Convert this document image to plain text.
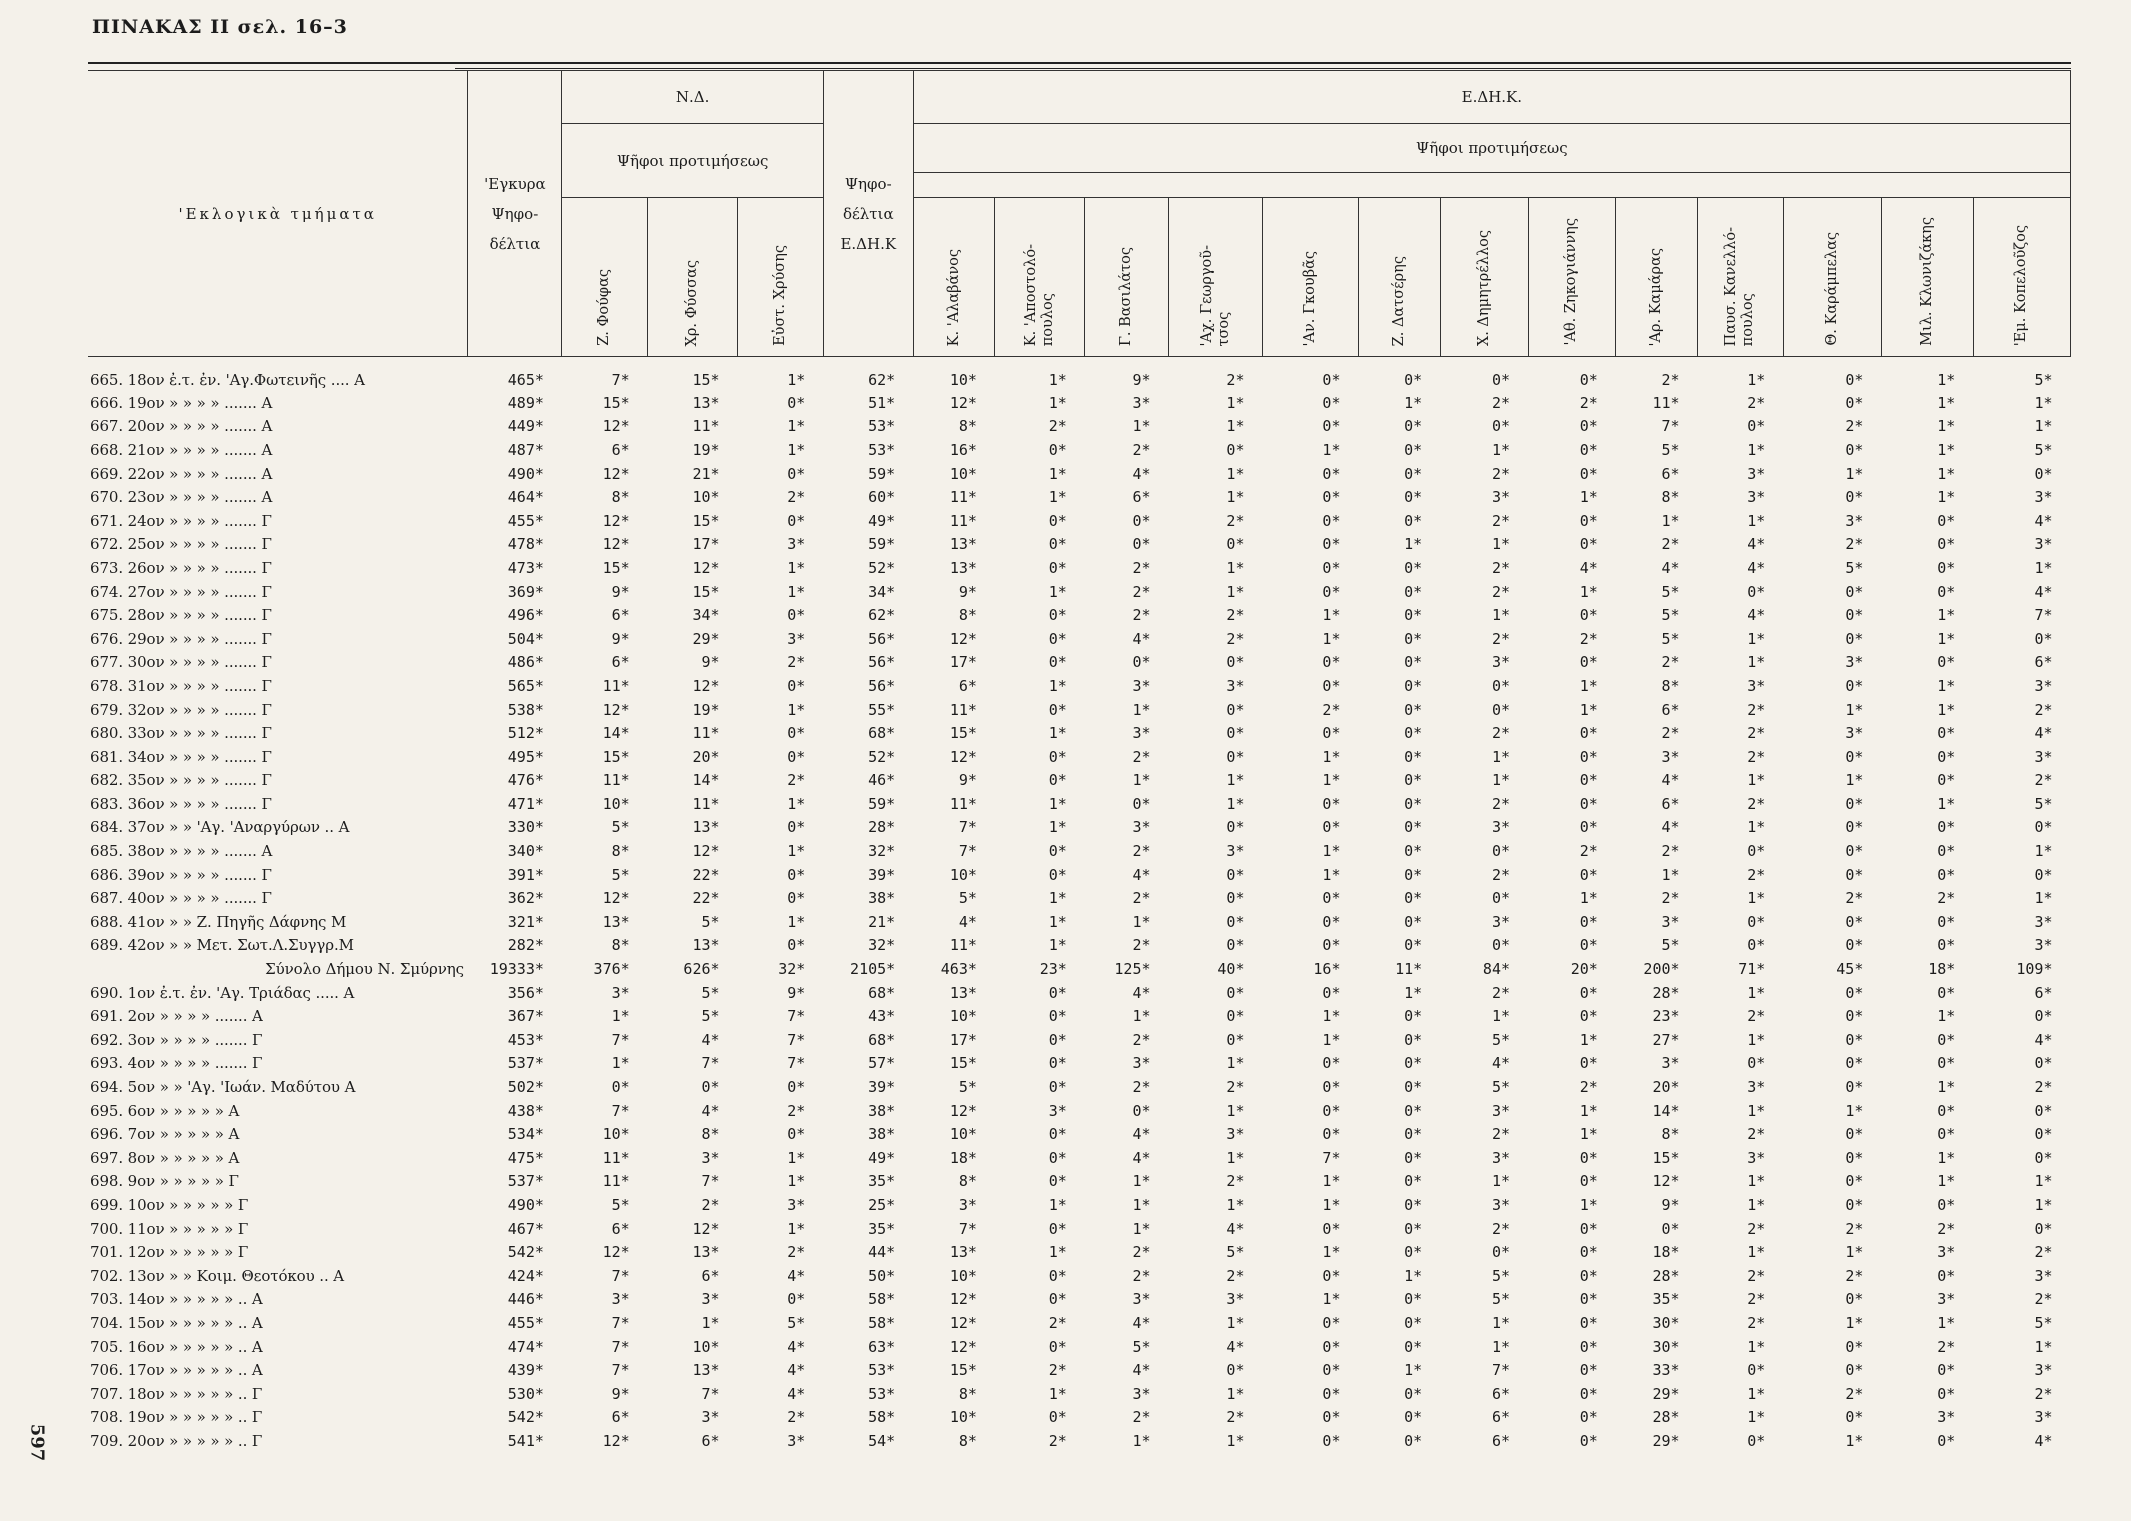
ΠΙΝΑΚΑΣ ΙΙ σελ. 16–3
597
'Εκλογικὰ τμήματα	'Εγκυρα
Ψηφο-
δέλτια	Ν.Δ.			Ψηφο-
δέλτια
Ε.ΔΗ.Κ	Ε.ΔΗ.Κ.												
		Ψῆφοι προτιμήσεως				Ψῆφοι προτιμήσεως												

		Ζ. Φούφας	Χρ. Φύσσας	Εὐστ. Χρύσης		Κ. 'Αλαβάνος	Κ. 'Αποστολό-
πουλος	Γ. Βασιλάτος	'Αχ. Γεωργοῦ-
τσος	'Αν. Γκουβᾶς	Ζ. Δατσέρης	Χ. Δημητρέλλος	'Αθ. Ζηκογιάννης	'Αρ. Καμάρας	Παυσ. Κανελλό-
πουλος	Θ. Καράμπελας	Μιλ. Κλωνιζάκης	'Εμ. Κοπελοῦζος
665. 18ον ἐ.τ. ἐν. 'Αγ.Φωτεινῆς .... Α	465*	7*	15*	1*	62*	10*	1*	9*	2*	0*	0*	0*	0*	2*	1*	0*	1*	5*
666. 19ον » » » » ....... Α	489*	15*	13*	0*	51*	12*	1*	3*	1*	0*	1*	2*	2*	11*	2*	0*	1*	1*
667. 20ον » » » » ....... Α	449*	12*	11*	1*	53*	8*	2*	1*	1*	0*	0*	0*	0*	7*	0*	2*	1*	1*
668. 21ον » » » » ....... Α	487*	6*	19*	1*	53*	16*	0*	2*	0*	1*	0*	1*	0*	5*	1*	0*	1*	5*
669. 22ον » » » » ....... Α	490*	12*	21*	0*	59*	10*	1*	4*	1*	0*	0*	2*	0*	6*	3*	1*	1*	0*
670. 23ον » » » » ....... Α	464*	8*	10*	2*	60*	11*	1*	6*	1*	0*	0*	3*	1*	8*	3*	0*	1*	3*
671. 24ον » » » » ....... Γ	455*	12*	15*	0*	49*	11*	0*	0*	2*	0*	0*	2*	0*	1*	1*	3*	0*	4*
672. 25ον » » » » ....... Γ	478*	12*	17*	3*	59*	13*	0*	0*	0*	0*	1*	1*	0*	2*	4*	2*	0*	3*
673. 26ον » » » » ....... Γ	473*	15*	12*	1*	52*	13*	0*	2*	1*	0*	0*	2*	4*	4*	4*	5*	0*	1*
674. 27ον » » » » ....... Γ	369*	9*	15*	1*	34*	9*	1*	2*	1*	0*	0*	2*	1*	5*	0*	0*	0*	4*
675. 28ον » » » » ....... Γ	496*	6*	34*	0*	62*	8*	0*	2*	2*	1*	0*	1*	0*	5*	4*	0*	1*	7*
676. 29ον » » » » ....... Γ	504*	9*	29*	3*	56*	12*	0*	4*	2*	1*	0*	2*	2*	5*	1*	0*	1*	0*
677. 30ον » » » » ....... Γ	486*	6*	9*	2*	56*	17*	0*	0*	0*	0*	0*	3*	0*	2*	1*	3*	0*	6*
678. 31ον » » » » ....... Γ	565*	11*	12*	0*	56*	6*	1*	3*	3*	0*	0*	0*	1*	8*	3*	0*	1*	3*
679. 32ον » » » » ....... Γ	538*	12*	19*	1*	55*	11*	0*	1*	0*	2*	0*	0*	1*	6*	2*	1*	1*	2*
680. 33ον » » » » ....... Γ	512*	14*	11*	0*	68*	15*	1*	3*	0*	0*	0*	2*	0*	2*	2*	3*	0*	4*
681. 34ον » » » » ....... Γ	495*	15*	20*	0*	52*	12*	0*	2*	0*	1*	0*	1*	0*	3*	2*	0*	0*	3*
682. 35ον » » » » ....... Γ	476*	11*	14*	2*	46*	9*	0*	1*	1*	1*	0*	1*	0*	4*	1*	1*	0*	2*
683. 36ον » » » » ....... Γ	471*	10*	11*	1*	59*	11*	1*	0*	1*	0*	0*	2*	0*	6*	2*	0*	1*	5*
684. 37ον » » 'Αγ. 'Αναργύρων .. Α	330*	5*	13*	0*	28*	7*	1*	3*	0*	0*	0*	3*	0*	4*	1*	0*	0*	0*
685. 38ον » » » » ....... Α	340*	8*	12*	1*	32*	7*	0*	2*	3*	1*	0*	0*	2*	2*	0*	0*	0*	1*
686. 39ον » » » » ....... Γ	391*	5*	22*	0*	39*	10*	0*	4*	0*	1*	0*	2*	0*	1*	2*	0*	0*	0*
687. 40ον » » » » ....... Γ	362*	12*	22*	0*	38*	5*	1*	2*	0*	0*	0*	0*	1*	2*	1*	2*	2*	1*
688. 41ον » » Ζ. Πηγῆς Δάφνης Μ	321*	13*	5*	1*	21*	4*	1*	1*	0*	0*	0*	3*	0*	3*	0*	0*	0*	3*
689. 42ον » » Μετ. Σωτ.Λ.Συγγρ.Μ	282*	8*	13*	0*	32*	11*	1*	2*	0*	0*	0*	0*	0*	5*	0*	0*	0*	3*
Σύνολο Δήμου Ν. Σμύρνης	19333*	376*	626*	32*	2105*	463*	23*	125*	40*	16*	11*	84*	20*	200*	71*	45*	18*	109*
690. 1ον ἐ.τ. ἐν. 'Αγ. Τριάδας ..... Α	356*	3*	5*	9*	68*	13*	0*	4*	0*	0*	1*	2*	0*	28*	1*	0*	0*	6*
691. 2ον » » » » ....... Α	367*	1*	5*	7*	43*	10*	0*	1*	0*	1*	0*	1*	0*	23*	2*	0*	1*	0*
692. 3ον » » » » ....... Γ	453*	7*	4*	7*	68*	17*	0*	2*	0*	1*	0*	5*	1*	27*	1*	0*	0*	4*
693. 4ον » » » » ....... Γ	537*	1*	7*	7*	57*	15*	0*	3*	1*	0*	0*	4*	0*	3*	0*	0*	0*	0*
694. 5ον » » 'Αγ. 'Ιωάν. Μαδύτου Α	502*	0*	0*	0*	39*	5*	0*	2*	2*	0*	0*	5*	2*	20*	3*	0*	1*	2*
695. 6ον » » » » » Α	438*	7*	4*	2*	38*	12*	3*	0*	1*	0*	0*	3*	1*	14*	1*	1*	0*	0*
696. 7ον » » » » » Α	534*	10*	8*	0*	38*	10*	0*	4*	3*	0*	0*	2*	1*	8*	2*	0*	0*	0*
697. 8ον » » » » » Α	475*	11*	3*	1*	49*	18*	0*	4*	1*	7*	0*	3*	0*	15*	3*	0*	1*	0*
698. 9ον » » » » » Γ	537*	11*	7*	1*	35*	8*	0*	1*	2*	1*	0*	1*	0*	12*	1*	0*	1*	1*
699. 10ον » » » » » Γ	490*	5*	2*	3*	25*	3*	1*	1*	1*	1*	0*	3*	1*	9*	1*	0*	0*	1*
700. 11ον » » » » » Γ	467*	6*	12*	1*	35*	7*	0*	1*	4*	0*	0*	2*	0*	0*	2*	2*	2*	0*
701. 12ον » » » » » Γ	542*	12*	13*	2*	44*	13*	1*	2*	5*	1*	0*	0*	0*	18*	1*	1*	3*	2*
702. 13ον » » Κοιμ. Θεοτόκου .. Α	424*	7*	6*	4*	50*	10*	0*	2*	2*	0*	1*	5*	0*	28*	2*	2*	0*	3*
703. 14ον » » » » » .. Α	446*	3*	3*	0*	58*	12*	0*	3*	3*	1*	0*	5*	0*	35*	2*	0*	3*	2*
704. 15ον » » » » » .. Α	455*	7*	1*	5*	58*	12*	2*	4*	1*	0*	0*	1*	0*	30*	2*	1*	1*	5*
705. 16ον » » » » » .. Α	474*	7*	10*	4*	63*	12*	0*	5*	4*	0*	0*	1*	0*	30*	1*	0*	2*	1*
706. 17ον » » » » » .. Α	439*	7*	13*	4*	53*	15*	2*	4*	0*	0*	1*	7*	0*	33*	0*	0*	0*	3*
707. 18ον » » » » » .. Γ	530*	9*	7*	4*	53*	8*	1*	3*	1*	0*	0*	6*	0*	29*	1*	2*	0*	2*
708. 19ον » » » » » .. Γ	542*	6*	3*	2*	58*	10*	0*	2*	2*	0*	0*	6*	0*	28*	1*	0*	3*	3*
709. 20ον » » » » » .. Γ	541*	12*	6*	3*	54*	8*	2*	1*	1*	0*	0*	6*	0*	29*	0*	1*	0*	4*
